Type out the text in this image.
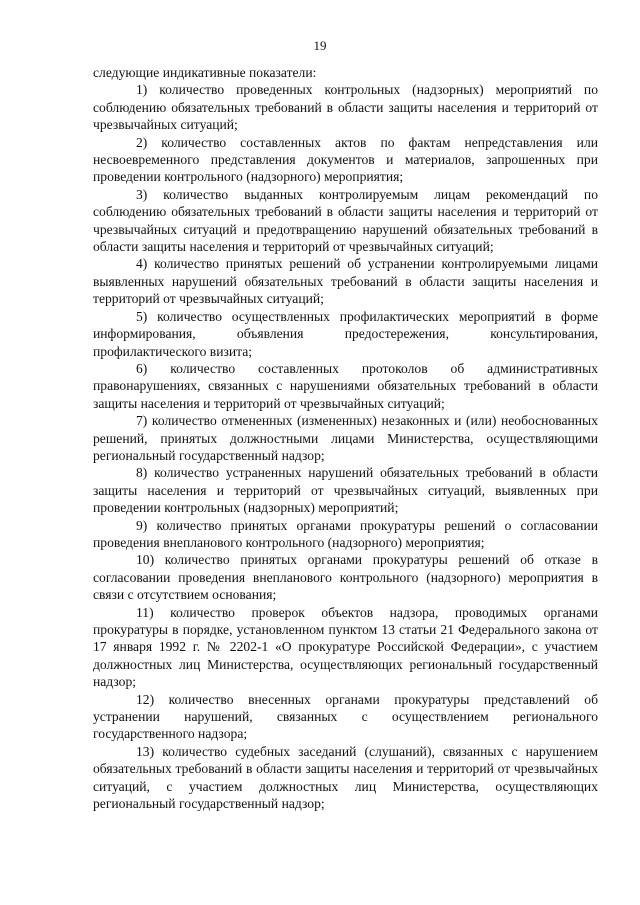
19

следующие индикативные показатели:

1) количество проведенных контрольных (надзорных) мероприятий по соблюдению обязательных требований в области защиты населения и территорий от чрезвычайных ситуаций;

2) количество составленных актов по фактам непредставления или несвоевременного представления документов и материалов, запрошенных при проведении контрольного (надзорного) мероприятия;

3) количество выданных контролируемым лицам рекомендаций по соблюдению обязательных требований в области защиты населения и территорий от чрезвычайных ситуаций и предотвращению нарушений обязательных требований в области защиты населения и территорий от чрезвычайных ситуаций;

4) количество принятых решений об устранении контролируемыми лицами выявленных нарушений обязательных требований в области защиты населения и территорий от чрезвычайных ситуаций;

5) количество осуществленных профилактических мероприятий в форме информирования, объявления предостережения, консультирования, профилактического визита;

6) количество составленных протоколов об административных правонарушениях, связанных с нарушениями обязательных требований в области защиты населения и территорий от чрезвычайных ситуаций;

7) количество отмененных (измененных) незаконных и (или) необоснованных решений, принятых должностными лицами Министерства, осуществляющими региональный государственный надзор;

8) количество устраненных нарушений обязательных требований в области защиты населения и территорий от чрезвычайных ситуаций, выявленных при проведении контрольных (надзорных) мероприятий;

9) количество принятых органами прокуратуры решений о согласовании проведения внепланового контрольного (надзорного) мероприятия;

10) количество принятых органами прокуратуры решений об отказе в согласовании проведения внепланового контрольного (надзорного) мероприятия в связи с отсутствием основания;

11) количество проверок объектов надзора, проводимых органами прокуратуры в порядке, установленном пунктом 13 статьи 21 Федерального закона от 17 января 1992 г. № 2202-1 «О прокуратуре Российской Федерации», с участием должностных лиц Министерства, осуществляющих региональный государственный надзор;

12) количество внесенных органами прокуратуры представлений об устранении нарушений, связанных с осуществлением регионального государственного надзора;

13) количество судебных заседаний (слушаний), связанных с нарушением обязательных требований в области защиты населения и территорий от чрезвычайных ситуаций, с участием должностных лиц Министерства, осуществляющих региональный государственный надзор;
